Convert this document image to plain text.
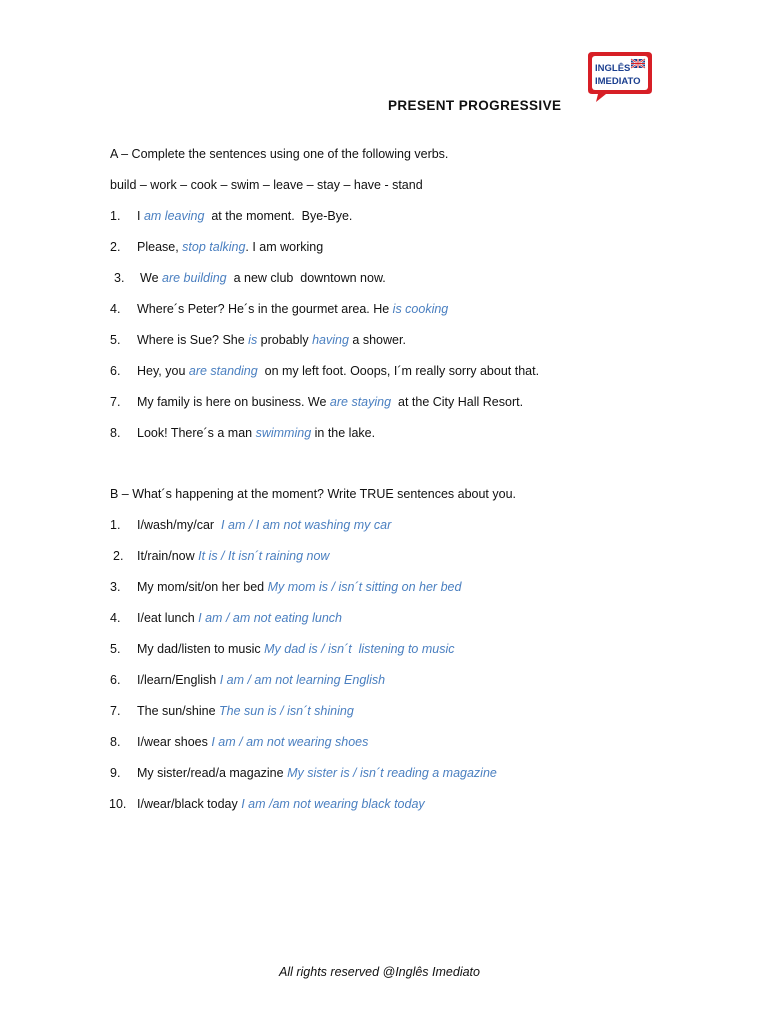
INGLÊS
IMEDIATO
PRESENT PROGRESSIVE
A – Complete the sentences using one of the following verbs.
build – work – cook – swim – leave – stay – have - stand
1. I am leaving  at the moment.  Bye-Bye.
2. Please, stop talking. I am working
3. We are building  a new club  downtown now.
4. Where´s Peter? He´s in the gourmet area. He is cooking
5. Where is Sue? She is probably having a shower.
6. Hey, you are standing  on my left foot. Ooops, I´m really sorry about that.
7. My family is here on business. We are staying  at the City Hall Resort.
8. Look! There´s a man swimming in the lake.
B – What´s happening at the moment? Write TRUE sentences about you.
1. I/wash/my/car  I am / I am not washing my car
2. It/rain/now It is / It isn´t raining now
3. My mom/sit/on her bed My mom is / isn´t sitting on her bed
4. I/eat lunch I am / am not eating lunch
5. My dad/listen to music My dad is / isn´t  listening to music
6. I/learn/English I am / am not learning English
7. The sun/shine The sun is / isn´t shining
8. I/wear shoes I am / am not wearing shoes
9. My sister/read/a magazine My sister is / isn´t reading a magazine
10. I/wear/black today I am /am not wearing black today
All rights reserved @Inglês Imediato
